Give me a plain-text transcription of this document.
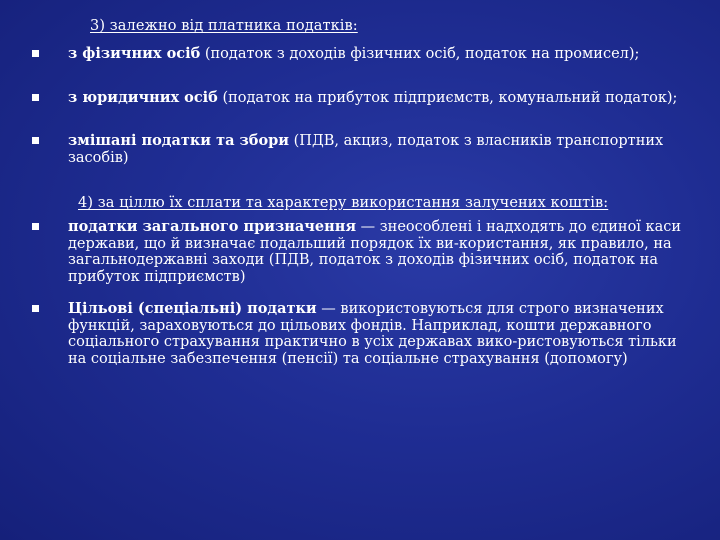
3) залежно від платника податків:
з фізичних осіб (податок з доходів фізичних осіб, податок на промисел);
з юридичних осіб (податок на прибуток підприємств, комунальний податок);
змішані податки та збори (ПДВ, акциз, податок з власників транспортних засобів)
4) за ціллю їх сплати та характеру використання залучених коштів:
податки загального призначення — знеособлені і надходять до єдиної каси держави, що й визначає подальший порядок їх ви-користання, як правило, на загальнодержавні заходи (ПДВ, податок з доходів фізичних осіб, податок на прибуток підприємств)
Цільові (спеціальні) податки — використовуються для строго визначених функцій, зараховуються до цільових фондів. Наприклад, кошти державного соціального страхування практично в усіх державах вико-ристовуються тільки на соціальне забезпечення (пенсії) та соціальне страхування (допомогу)
